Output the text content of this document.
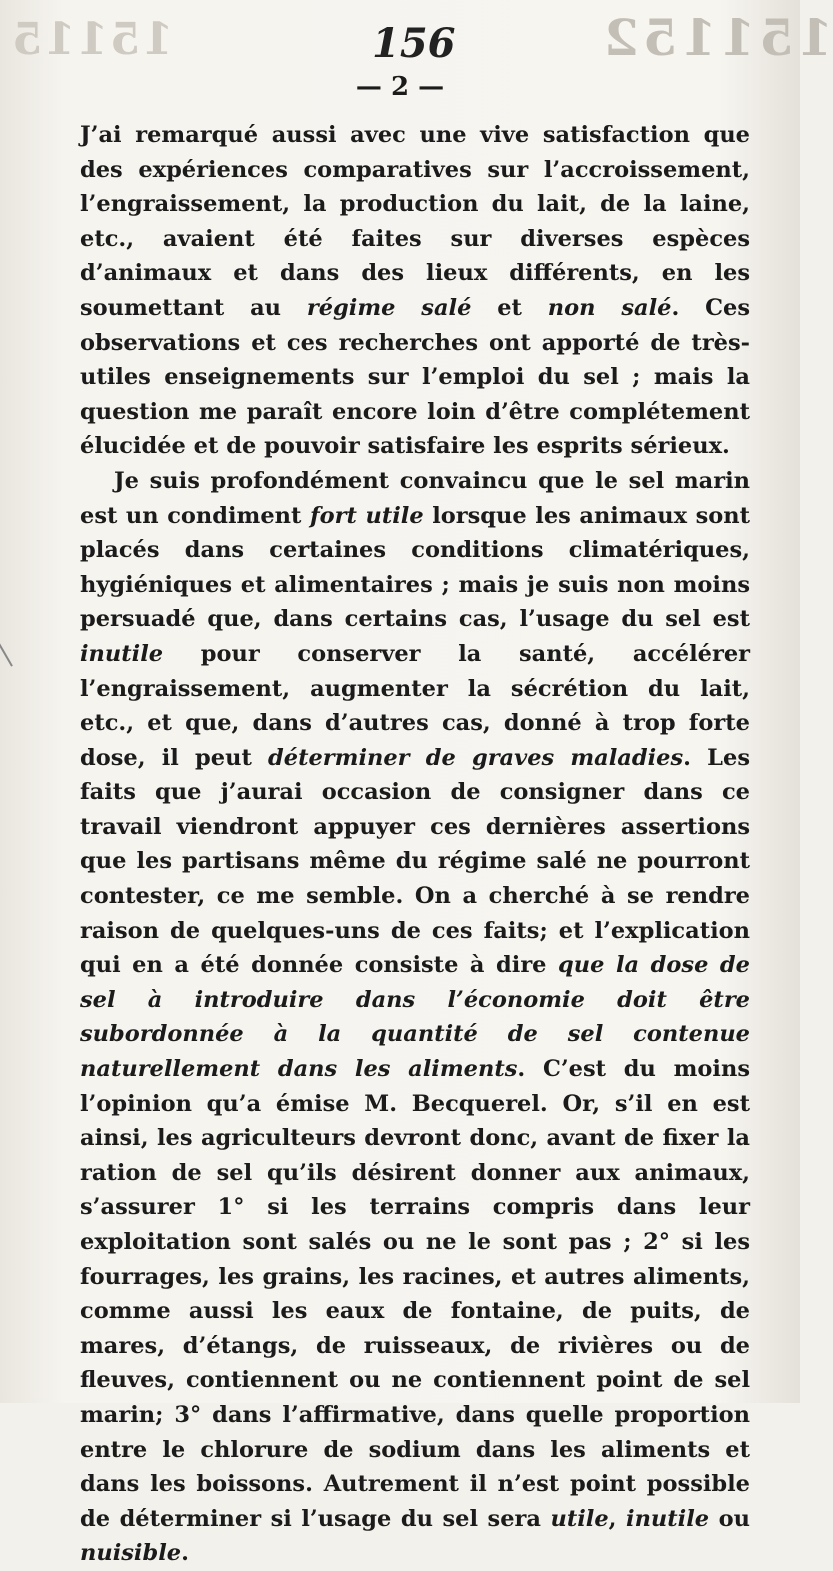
15115	151152
156
— 2 —

J’ai remarqué aussi avec une vive satisfaction que des expériences comparatives sur l’accroissement, l’engraissement, la production du lait, de la laine, etc., avaient été faites sur diverses espèces d’animaux et dans des lieux différents, en les soumettant au régime salé et non salé. Ces observations et ces recherches ont apporté de très-utiles enseignements sur l’emploi du sel ; mais la question me paraît encore loin d’être complétement élucidée et de pouvoir satisfaire les esprits sérieux.

Je suis profondément convaincu que le sel marin est un condiment fort utile lorsque les animaux sont placés dans certaines conditions climatériques, hygiéniques et alimentaires ; mais je suis non moins persuadé que, dans certains cas, l’usage du sel est inutile pour conserver la santé, accélérer l’engraissement, augmenter la sécrétion du lait, etc., et que, dans d’autres cas, donné à trop forte dose, il peut déterminer de graves maladies. Les faits que j’aurai occasion de consigner dans ce travail viendront appuyer ces dernières assertions que les partisans même du régime salé ne pourront contester, ce me semble. On a cherché à se rendre raison de quelques-uns de ces faits; et l’explication qui en a été donnée consiste à dire que la dose de sel à introduire dans l’économie doit être subordonnée à la quantité de sel contenue naturellement dans les aliments. C’est du moins l’opinion qu’a émise M. Becquerel. Or, s’il en est ainsi, les agriculteurs devront donc, avant de fixer la ration de sel qu’ils désirent donner aux animaux, s’assurer 1° si les terrains compris dans leur exploitation sont salés ou ne le sont pas ; 2° si les fourrages, les grains, les racines, et autres aliments, comme aussi les eaux de fontaine, de puits, de mares, d’étangs, de ruisseaux, de rivières ou de fleuves, contiennent ou ne contiennent point de sel marin; 3° dans l’affirmative, dans quelle proportion entre le chlorure de sodium dans les aliments et dans les boissons. Autrement il n’est point possible de déterminer si l’usage du sel sera utile, inutile ou nuisible.
